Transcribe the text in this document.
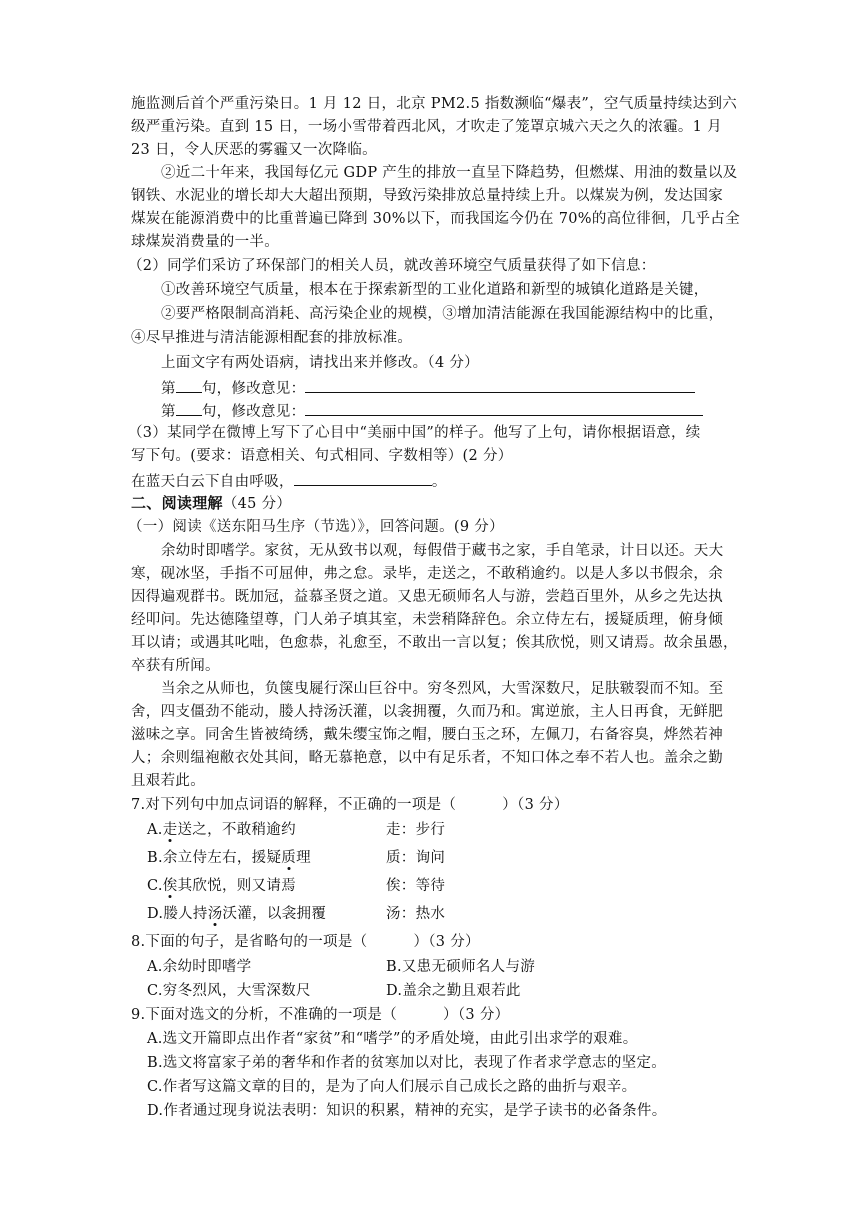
施监测后首个严重污染日。1 月 12 日，北京 PM2.5 指数濒临“爆表”，空气质量持续达到六
级严重污染。直到 15 日，一场小雪带着西北风，才吹走了笼罩京城六天之久的浓霾。1 月
23 日，令人厌恶的雾霾又一次降临。
②近二十年来，我国每亿元 GDP 产生的排放一直呈下降趋势，但燃煤、用油的数量以及
钢铁、水泥业的增长却大大超出预期，导致污染排放总量持续上升。以煤炭为例，发达国家
煤炭在能源消费中的比重普遍已降到 30%以下，而我国迄今仍在 70%的高位徘徊，几乎占全
球煤炭消费量的一半。
（2）同学们采访了环保部门的相关人员，就改善环境空气质量获得了如下信息：
①改善环境空气质量，根本在于探索新型的工业化道路和新型的城镇化道路是关键，
②要严格限制高消耗、高污染企业的规模，③增加清洁能源在我国能源结构中的比重，
④尽早推进与清洁能源相配套的排放标准。
上面文字有两处语病，请找出来并修改。（4 分）
第 句，修改意见：
第 句，修改意见：
（3）某同学在微博上写下了心目中“美丽中国”的样子。他写了上句，请你根据语意，续
写下句。(要求：语意相关、句式相同、字数相等）(2 分）
在蓝天白云下自由呼吸，	。
二、阅读理解（45 分）
（一）阅读《送东阳马生序（节选）》，回答问题。(9 分）
余幼时即嗜学。家贫，无从致书以观，每假借于藏书之家，手自笔录，计日以还。天大
寒，砚冰坚，手指不可屈伸，弗之怠。录毕，走送之，不敢稍逾约。以是人多以书假余，余
因得遍观群书。既加冠，益慕圣贤之道。又患无硕师名人与游，尝趋百里外，从乡之先达执
经叩问。先达德隆望尊，门人弟子填其室，未尝稍降辞色。余立侍左右，援疑质理，俯身倾
耳以请；或遇其叱咄，色愈恭，礼愈至，不敢出一言以复；俟其欣悦，则又请焉。故余虽愚，
卒获有所闻。
当余之从师也，负箧曳屣行深山巨谷中。穷冬烈风，大雪深数尺，足肤皲裂而不知。至
舍，四支僵劲不能动，媵人持汤沃灌，以衾拥覆，久而乃和。寓逆旅，主人日再食，无鲜肥
滋味之享。同舍生皆被绮绣，戴朱缨宝饰之帽，腰白玉之环，左佩刀，右备容臭，烨然若神
人；余则缊袍敝衣处其间，略无慕艳意，以中有足乐者，不知口体之奉不若人也。盖余之勤
且艰若此。
7.对下列句中加点词语的解释，不正确的一项是（	）（3 分）
A.走送之，不敢稍逾约	走：步行
B.余立侍左右，援疑质理	质：询问
C.俟其欣悦，则又请焉	俟：等待
D.媵人持汤沃灌，以衾拥覆	汤：热水
8.下面的句子，是省略句的一项是（	）（3 分）
A.余幼时即嗜学	B.又患无硕师名人与游
C.穷冬烈风，大雪深数尺	D.盖余之勤且艰若此
9.下面对选文的分析，不准确的一项是（	）（3 分）
A.选文开篇即点出作者“家贫”和“嗜学”的矛盾处境，由此引出求学的艰难。
B.选文将富家子弟的奢华和作者的贫寒加以对比，表现了作者求学意志的坚定。
C.作者写这篇文章的目的，是为了向人们展示自己成长之路的曲折与艰辛。
D.作者通过现身说法表明：知识的积累，精神的充实，是学子读书的必备条件。
